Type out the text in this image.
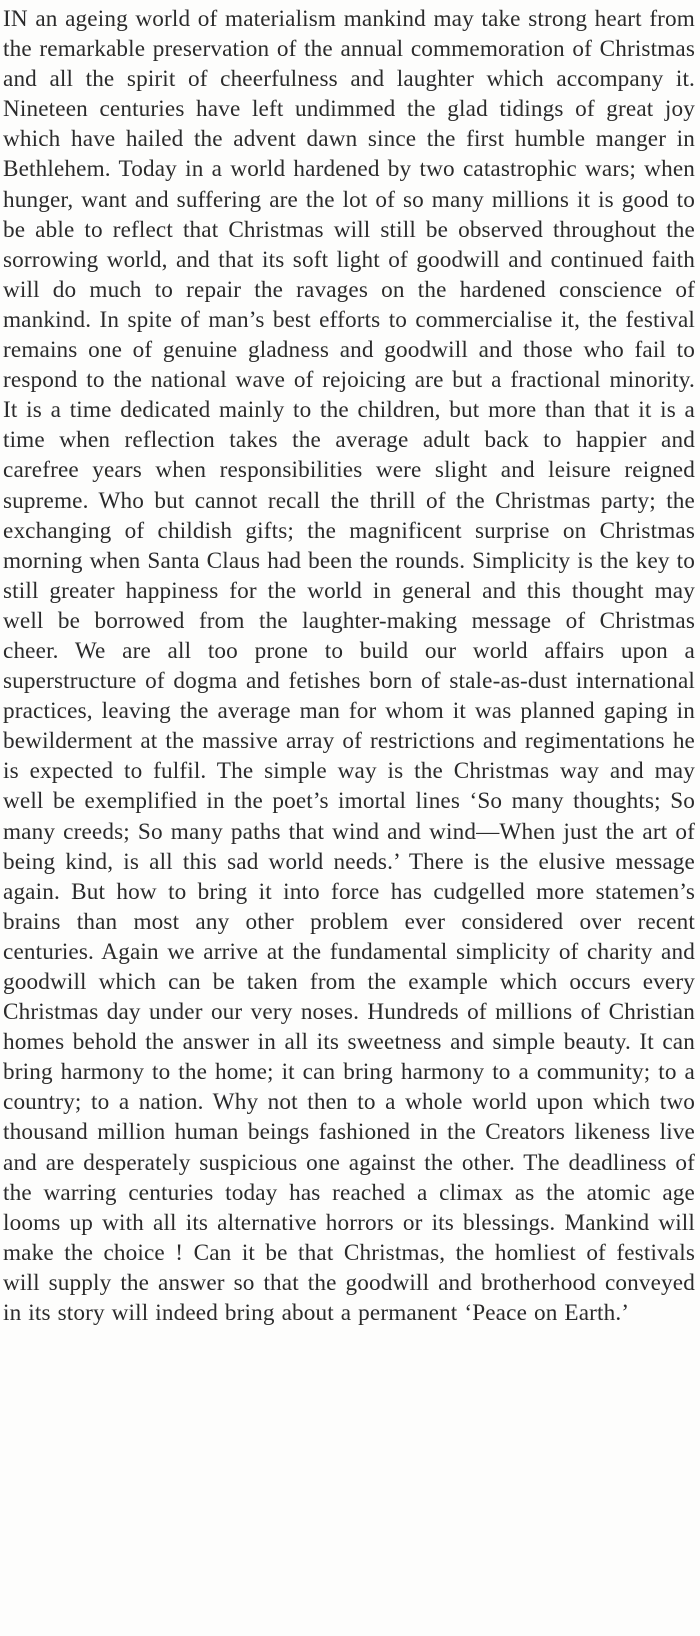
IN an ageing world of materialism mankind may take strong heart from the remarkable preservation of the annual commemoration of Christmas and all the spirit of cheerfulness and laughter which accompany it. Nineteen centuries have left undimmed the glad tidings of great joy which have hailed the advent dawn since the first humble manger in Bethlehem. Today in a world hardened by two catastrophic wars; when hunger, want and suffering are the lot of so many millions it is good to be able to reflect that Christmas will still be observed throughout the sorrowing world, and that its soft light of goodwill and continued faith will do much to repair the ravages on the hardened conscience of mankind. In spite of man’s best efforts to commercialise it, the festival remains one of genuine gladness and goodwill and those who fail to respond to the national wave of rejoicing are but a fractional minority. It is a time dedicated mainly to the children, but more than that it is a time when reflection takes the average adult back to happier and carefree years when responsibilities were slight and leisure reigned supreme. Who but cannot recall the thrill of the Christmas party; the exchanging of childish gifts; the magnificent surprise on Christmas morning when Santa Claus had been the rounds. Simplicity is the key to still greater happiness for the world in general and this thought may well be borrowed from the laughter-making message of Christmas cheer. We are all too prone to build our world affairs upon a superstructure of dogma and fetishes born of stale-as-dust international practices, leaving the average man for whom it was planned gaping in bewilderment at the massive array of restrictions and regimentations he is expected to fulfil. The simple way is the Christmas way and may well be exemplified in the poet’s imortal lines ‘So many thoughts; So many creeds; So many paths that wind and wind—When just the art of being kind, is all this sad world needs.’ There is the elusive message again. But how to bring it into force has cudgelled more statemen’s brains than most any other problem ever considered over recent centuries. Again we arrive at the fundamental simplicity of charity and goodwill which can be taken from the example which occurs every Christmas day under our very noses. Hundreds of millions of Christian homes behold the answer in all its sweetness and simple beauty. It can bring harmony to the home; it can bring harmony to a community; to a country; to a nation. Why not then to a whole world upon which two thousand million human beings fashioned in the Creators likeness live and are desperately suspicious one against the other. The deadliness of the warring centuries today has reached a climax as the atomic age looms up with all its alternative horrors or its blessings. Mankind will make the choice ! Can it be that Christmas, the homliest of festivals will supply the answer so that the goodwill and brotherhood conveyed in its story will indeed bring about a permanent ‘Peace on Earth.’
